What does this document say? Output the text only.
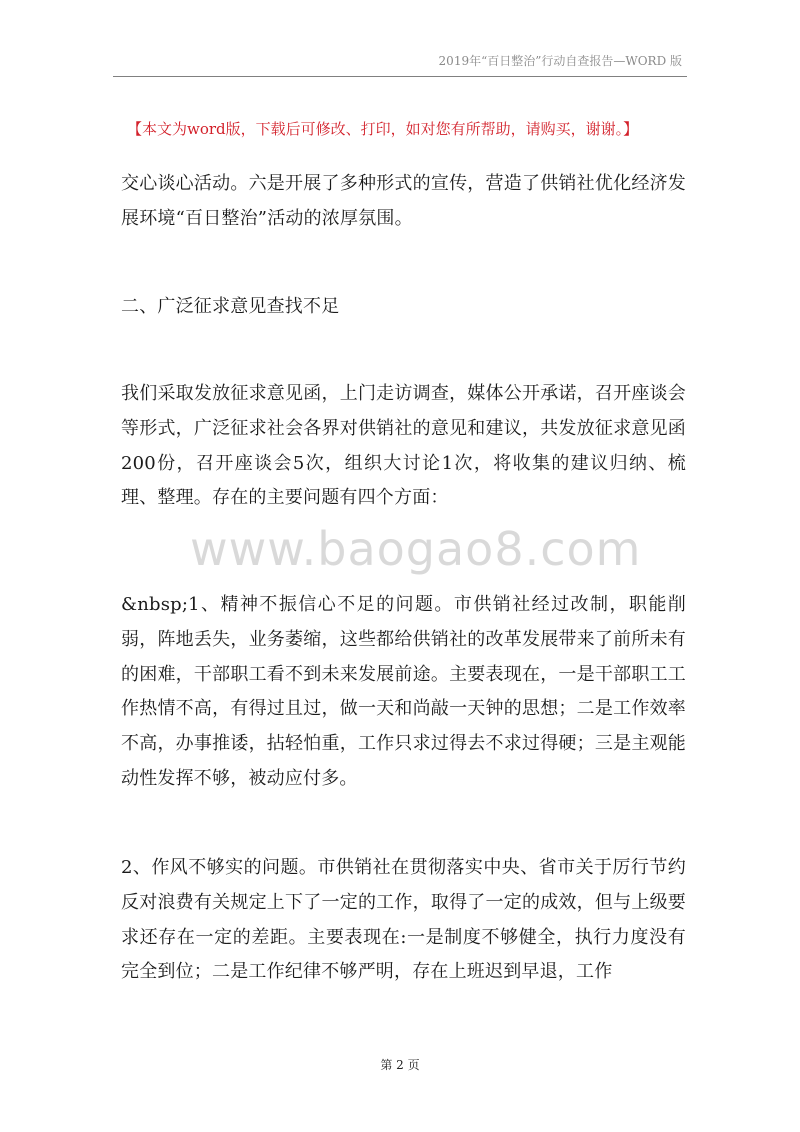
2019年“百日整治”行动自查报告—WORD 版
【本文为word版，下载后可修改、打印，如对您有所帮助，请购买，谢谢。】
www.baogao8.com

交心谈心活动。六是开展了多种形式的宣传，营造了供销社优化经济发展环境“百日整治”活动的浓厚氛围。

二、广泛征求意见查找不足

我们采取发放征求意见函，上门走访调查，媒体公开承诺，召开座谈会等形式，广泛征求社会各界对供销社的意见和建议，共发放征求意见函200份，召开座谈会5次，组织大讨论1次，将收集的建议归纳、梳理、整理。存在的主要问题有四个方面：

&nbsp;1、精神不振信心不足的问题。市供销社经过改制，职能削弱，阵地丢失，业务萎缩，这些都给供销社的改革发展带来了前所未有的困难，干部职工看不到未来发展前途。主要表现在，一是干部职工工作热情不高，有得过且过，做一天和尚敲一天钟的思想；二是工作效率不高，办事推诿，拈轻怕重，工作只求过得去不求过得硬；三是主观能动性发挥不够，被动应付多。

2、作风不够实的问题。市供销社在贯彻落实中央、省市关于厉行节约反对浪费有关规定上下了一定的工作，取得了一定的成效，但与上级要求还存在一定的差距。主要表现在:一是制度不够健全，执行力度没有完全到位；二是工作纪律不够严明，存在上班迟到早退，工作

第 2 页
